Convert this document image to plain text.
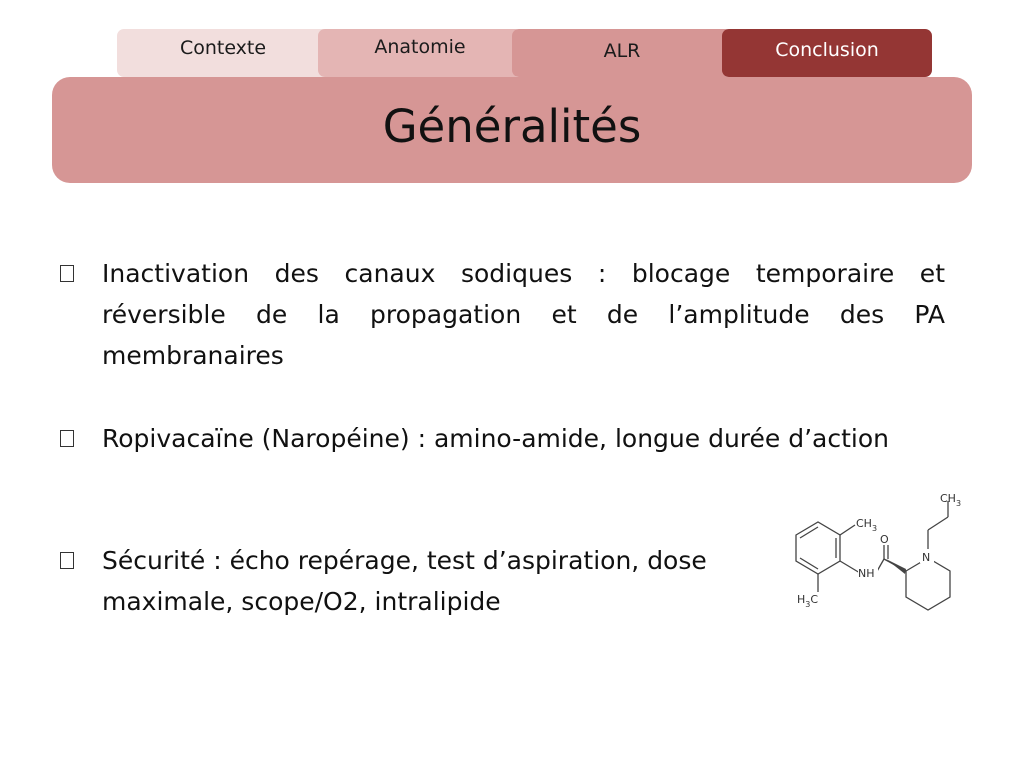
Contexte	Anatomie	ALR	Conclusion
Généralités
Inactivation des canaux sodiques : blocage temporaire et réversible de la propagation et de l’amplitude des PA membranaires
Ropivacaïne (Naropéine) : amino-amide, longue durée d’action
Sécurité : écho repérage, test d’aspiration, dose maximale, scope/O2, intralipide
$CH_3$
$CH_3$
O
NH
N
$H_3C$
